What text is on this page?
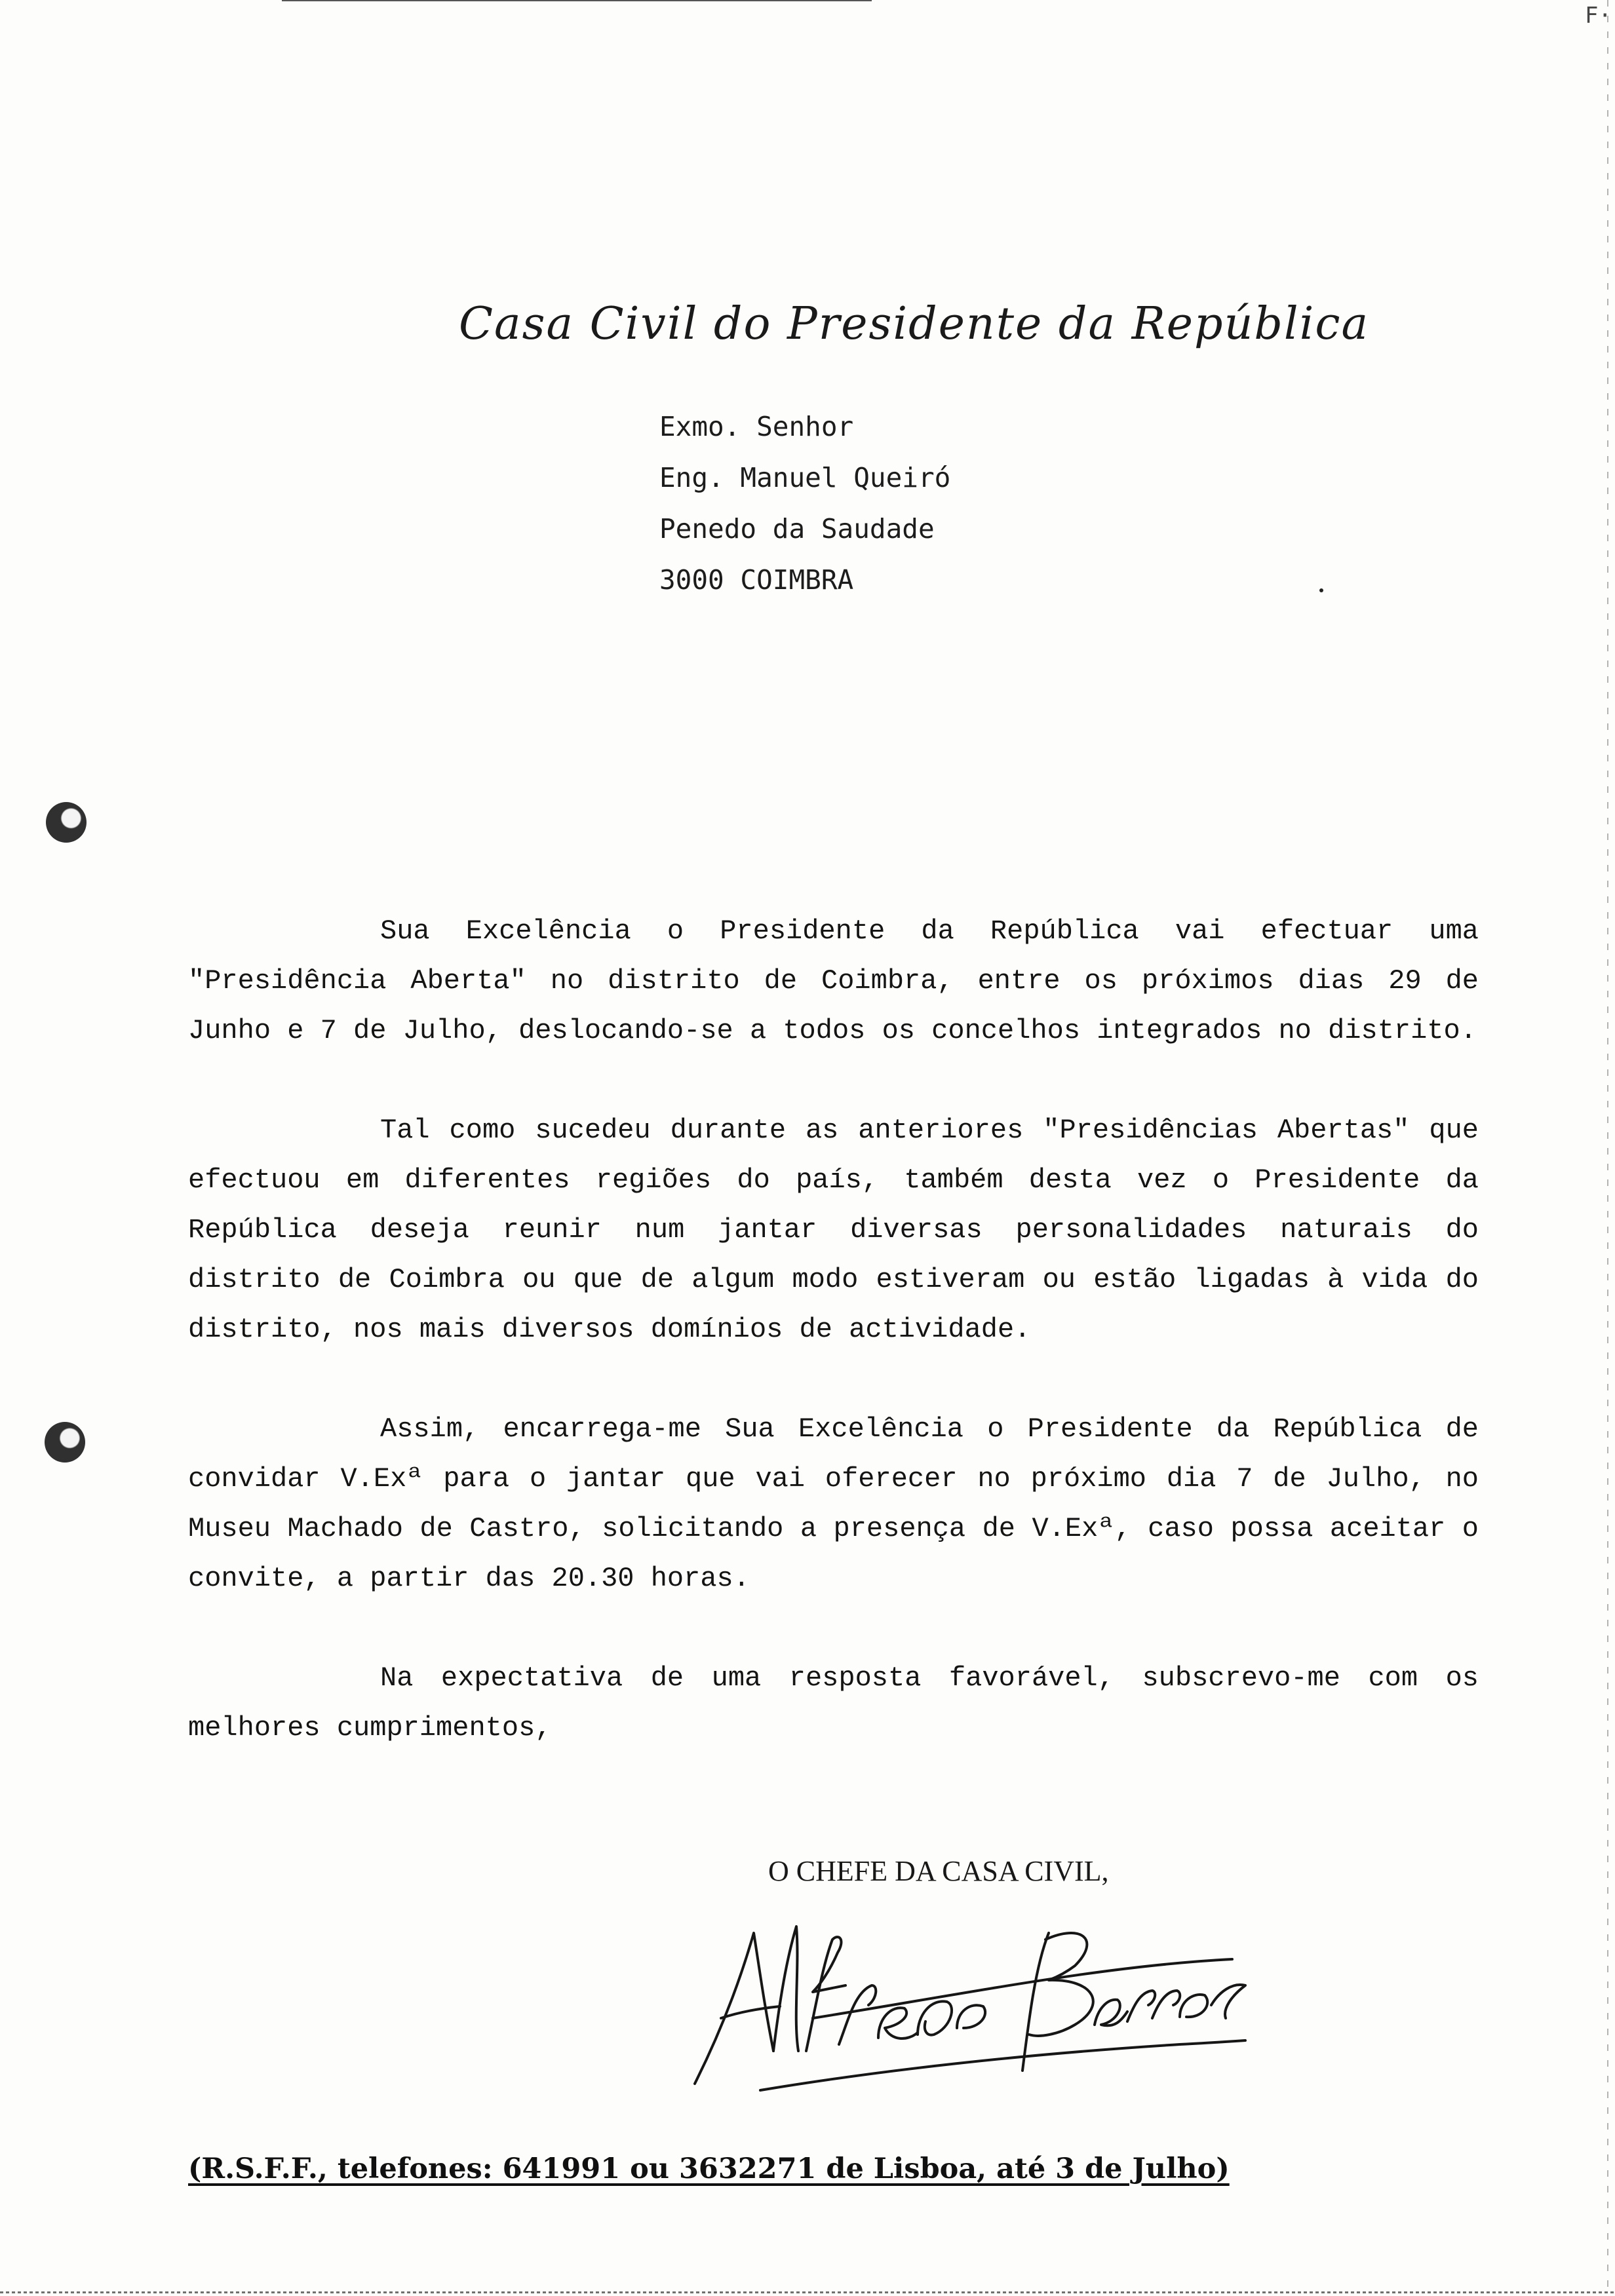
F·
Casa Civil do Presidente da República
Exmo. Senhor
Eng. Manuel Queiró
Penedo da Saudade
3000 COIMBRA

Sua Excelência o Presidente da República vai efectuar uma "Presidência Aberta" no distrito de Coimbra, entre os próximos dias 29 de Junho e 7 de Julho, deslocando-se a todos os concelhos integrados no distrito.

Tal como sucedeu durante as anteriores "Presidências Abertas" que efectuou em diferentes regiões do país, também desta vez o Presidente da República deseja reunir num jantar diversas personalidades naturais do distrito de Coimbra ou que de algum modo estiveram ou estão ligadas à vida do distrito, nos mais diversos domínios de actividade.

Assim, encarrega-me Sua Excelência o Presidente da República de convidar V.Exª para o jantar que vai oferecer no próximo dia 7 de Julho, no Museu Machado de Castro, solicitando a presença de V.Exª, caso possa aceitar o convite, a partir das 20.30 horas.

Na expectativa de uma resposta favorável, subscrevo-me com os melhores cumprimentos,

O CHEFE DA CASA CIVIL,
Alfredo Barroso
(R.S.F.F., telefones: 641991 ou 3632271 de Lisboa, até 3 de Julho)
